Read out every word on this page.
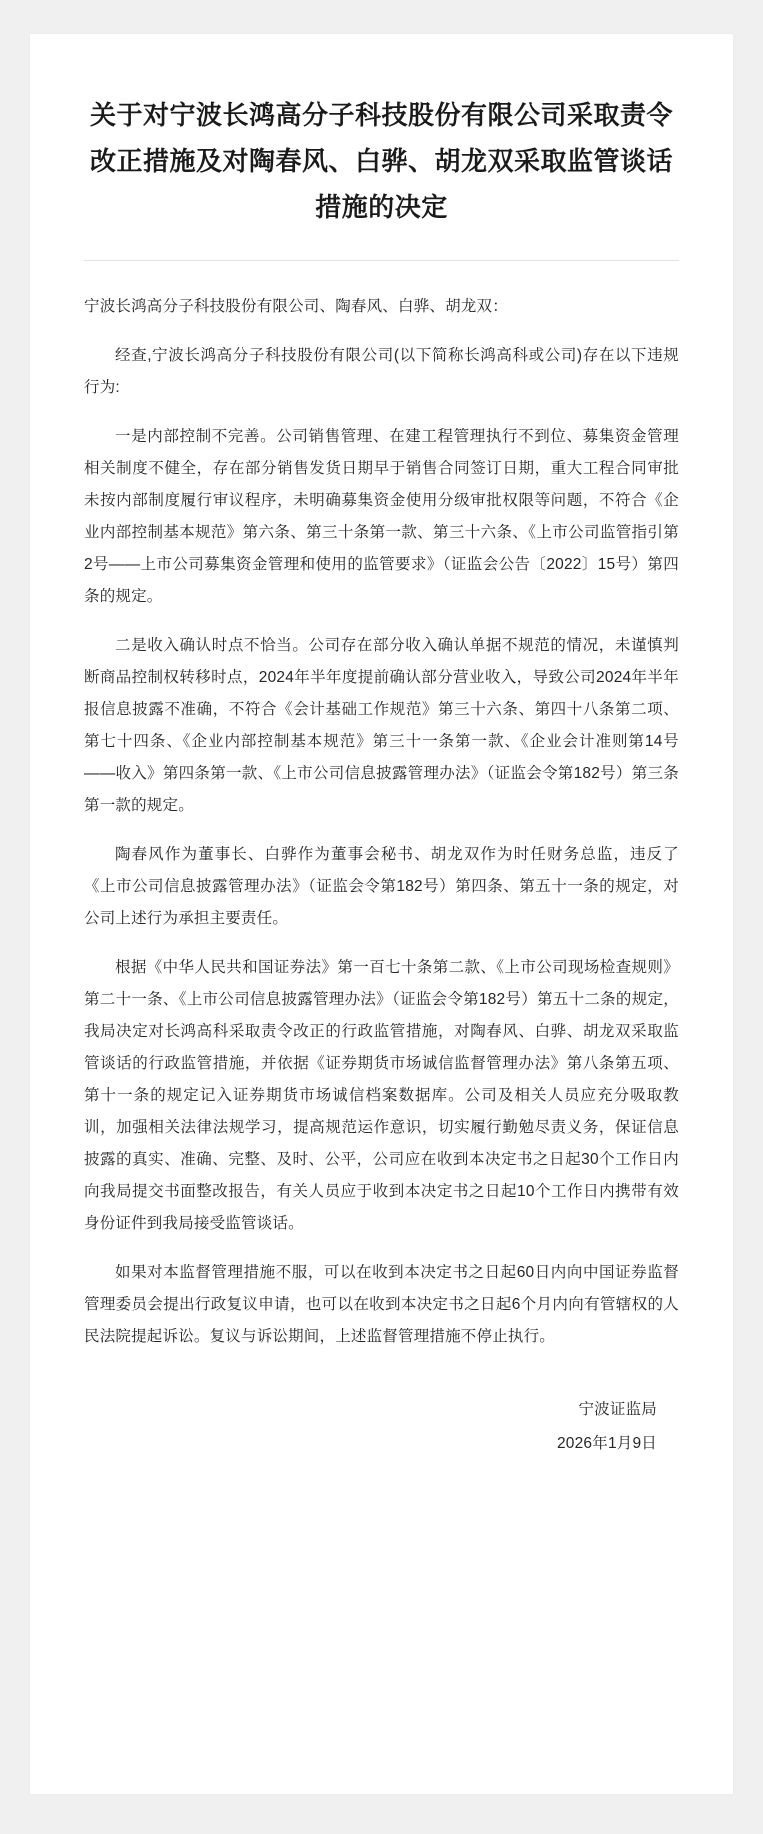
关于对宁波长鸿高分子科技股份有限公司采取责令改正措施及对陶春风、白骅、胡龙双采取监管谈话措施的决定

宁波长鸿高分子科技股份有限公司、陶春风、白骅、胡龙双：

经查,宁波长鸿高分子科技股份有限公司(以下简称长鸿高科或公司)存在以下违规行为:

一是内部控制不完善。公司销售管理、在建工程管理执行不到位、募集资金管理相关制度不健全，存在部分销售发货日期早于销售合同签订日期，重大工程合同审批未按内部制度履行审议程序，未明确募集资金使用分级审批权限等问题，不符合《企业内部控制基本规范》第六条、第三十条第一款、第三十六条、《上市公司监管指引第2号——上市公司募集资金管理和使用的监管要求》（证监会公告〔2022〕15号）第四条的规定。

二是收入确认时点不恰当。公司存在部分收入确认单据不规范的情况，未谨慎判断商品控制权转移时点，2024年半年度提前确认部分营业收入，导致公司2024年半年报信息披露不准确，不符合《会计基础工作规范》第三十六条、第四十八条第二项、第七十四条、《企业内部控制基本规范》第三十一条第一款、《企业会计准则第14号——收入》第四条第一款、《上市公司信息披露管理办法》（证监会令第182号）第三条第一款的规定。

陶春风作为董事长、白骅作为董事会秘书、胡龙双作为时任财务总监，违反了《上市公司信息披露管理办法》（证监会令第182号）第四条、第五十一条的规定，对公司上述行为承担主要责任。

根据《中华人民共和国证券法》第一百七十条第二款、《上市公司现场检查规则》第二十一条、《上市公司信息披露管理办法》（证监会令第182号）第五十二条的规定，我局决定对长鸿高科采取责令改正的行政监管措施，对陶春风、白骅、胡龙双采取监管谈话的行政监管措施，并依据《证券期货市场诚信监督管理办法》第八条第五项、第十一条的规定记入证券期货市场诚信档案数据库。公司及相关人员应充分吸取教训，加强相关法律法规学习，提高规范运作意识，切实履行勤勉尽责义务，保证信息披露的真实、准确、完整、及时、公平，公司应在收到本决定书之日起30个工作日内向我局提交书面整改报告，有关人员应于收到本决定书之日起10个工作日内携带有效身份证件到我局接受监管谈话。

如果对本监督管理措施不服，可以在收到本决定书之日起60日内向中国证券监督管理委员会提出行政复议申请，也可以在收到本决定书之日起6个月内向有管辖权的人民法院提起诉讼。复议与诉讼期间，上述监督管理措施不停止执行。

宁波证监局
2026年1月9日
